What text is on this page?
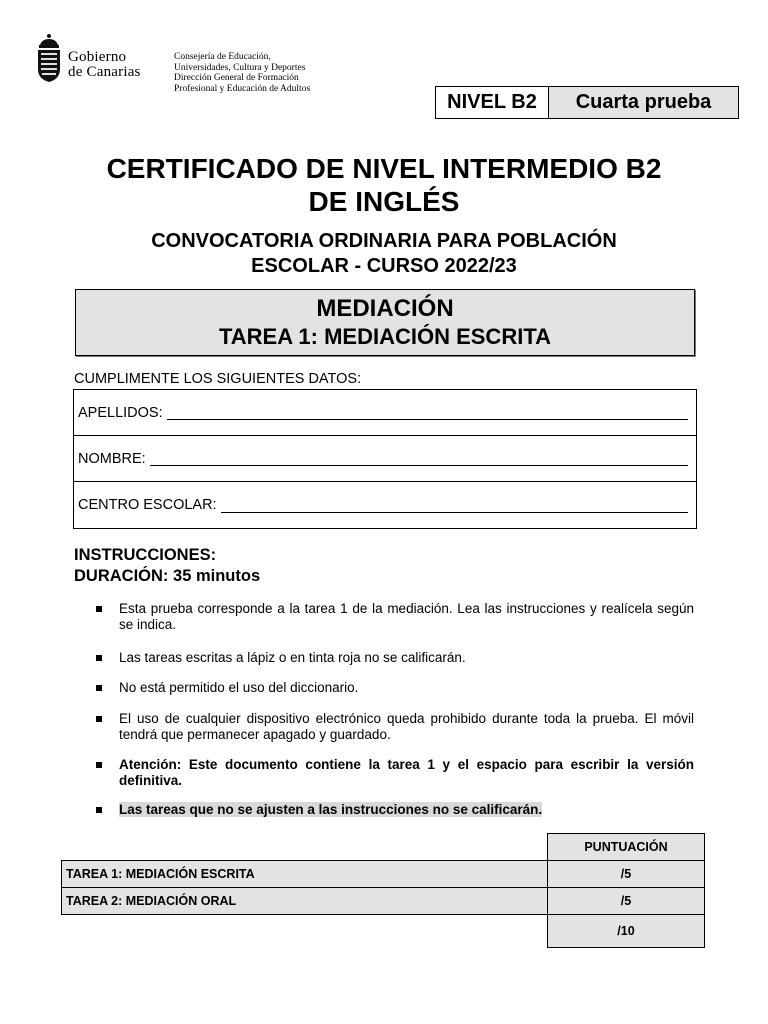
Gobierno
de Canarias
Consejería de Educación,
Universidades, Cultura y Deportes
Dirección General de Formación
Profesional y Educación de Adultos
NIVEL B2	Cuarta prueba
CERTIFICADO DE NIVEL INTERMEDIO B2
DE INGLÉS
CONVOCATORIA ORDINARIA PARA POBLACIÓN
ESCOLAR - CURSO 2022/23
MEDIACIÓN
TAREA 1: MEDIACIÓN ESCRITA
CUMPLIMENTE LOS SIGUIENTES DATOS:
APELLIDOS:
NOMBRE:
CENTRO ESCOLAR:
INSTRUCCIONES:
DURACIÓN: 35 minutos
Esta prueba corresponde a la tarea 1 de la mediación. Lea las instrucciones y realícela según se indica.
Las tareas escritas a lápiz o en tinta roja no se calificarán.
No está permitido el uso del diccionario.
El uso de cualquier dispositivo electrónico queda prohibido durante toda la prueba. El móvil tendrá que permanecer apagado y guardado.
Atención: Este documento contiene la tarea 1 y el espacio para escribir la versión definitiva.
Las tareas que no se ajusten a las instrucciones no se calificarán.
	PUNTUACIÓN
TAREA 1: MEDIACIÓN ESCRITA	/5
TAREA 2: MEDIACIÓN ORAL	/5
	/10
